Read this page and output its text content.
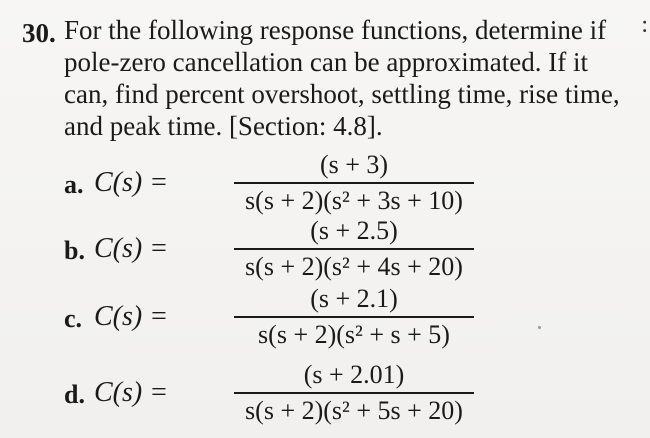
30. For the following response functions, determine if
pole-zero cancellation can be approximated. If it
can, find percent overshoot, settling time, rise time,
and peak time. [Section: 4.8].
:
a. C(s) =
(s + 3)
s(s + 2)(s² + 3s + 10)
b. C(s) =
(s + 2.5)
s(s + 2)(s² + 4s + 20)
c. C(s) =
(s + 2.1)
s(s + 2)(s² + s + 5)
d. C(s) =
(s + 2.01)
s(s + 2)(s² + 5s + 20)
